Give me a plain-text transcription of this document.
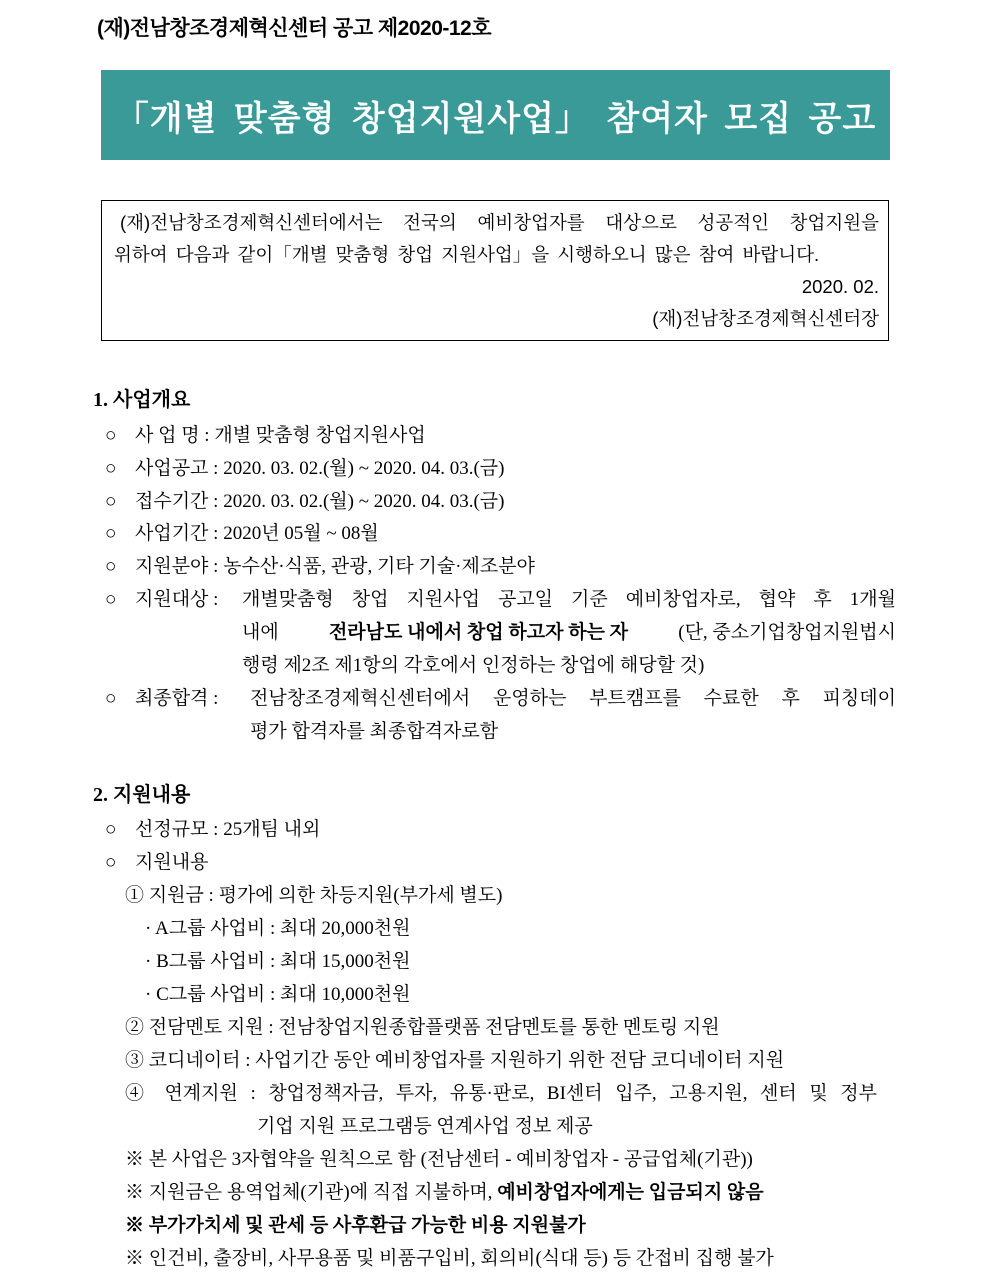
(재)전남창조경제혁신센터 공고 제2020-12호
「개별 맞춤형 창업지원사업」 참여자 모집 공고
(재)전남창조경제혁신센터에서는 전국의 예비창업자를 대상으로 성공적인 창업지원을
위하여 다음과 같이「개별 맞춤형 창업 지원사업」을 시행하오니 많은 참여 바랍니다.
2020. 02.
(재)전남창조경제혁신센터장
1. 사업개요
○ 사 업 명 : 개별 맞춤형 창업지원사업
○ 사업공고 : 2020. 03. 02.(월) ~ 2020. 04. 03.(금)
○ 접수기간 : 2020. 03. 02.(월) ~ 2020. 04. 03.(금)
○ 사업기간 : 2020년 05월 ~ 08월
○ 지원분야 : 농수산·식품, 관광, 기타 기술·제조분야
○ 지원대상 :	개별맞춤형 창업 지원사업 공고일 기준 예비창업자로, 협약 후 1개월
내에	전라남도 내에서 창업 하고자 하는 자	(단, 중소기업창업지원법시
행령 제2조 제1항의 각호에서 인정하는 창업에 해당할 것)
○ 최종합격 :	전남창조경제혁신센터에서 운영하는 부트캠프를 수료한 후 피칭데이
평가 합격자를 최종합격자로함
2. 지원내용
○ 선정규모 : 25개팀 내외
○ 지원내용
① 지원금 : 평가에 의한 차등지원(부가세 별도)
· A그룹 사업비 : 최대 20,000천원
· B그룹 사업비 : 최대 15,000천원
· C그룹 사업비 : 최대 10,000천원
② 전담멘토 지원 : 전남창업지원종합플랫폼 전담멘토를 통한 멘토링 지원
③ 코디네이터 : 사업기간 동안 예비창업자를 지원하기 위한 전담 코디네이터 지원
④ 연계지원 : 창업정책자금, 투자, 유통·판로, BI센터 입주, 고용지원, 센터 및 정부
기업 지원 프로그램등 연계사업 정보 제공
※ 본 사업은 3자협약을 원칙으로 함 (전남센터 - 예비창업자 - 공급업체(기관))
※ 지원금은 용역업체(기관)에 직접 지불하며, 예비창업자에게는 입금되지 않음
※ 부가가치세 및 관세 등 사후환급 가능한 비용 지원불가
※ 인건비, 출장비, 사무용품 및 비품구입비, 회의비(식대 등) 등 간접비 집행 불가
